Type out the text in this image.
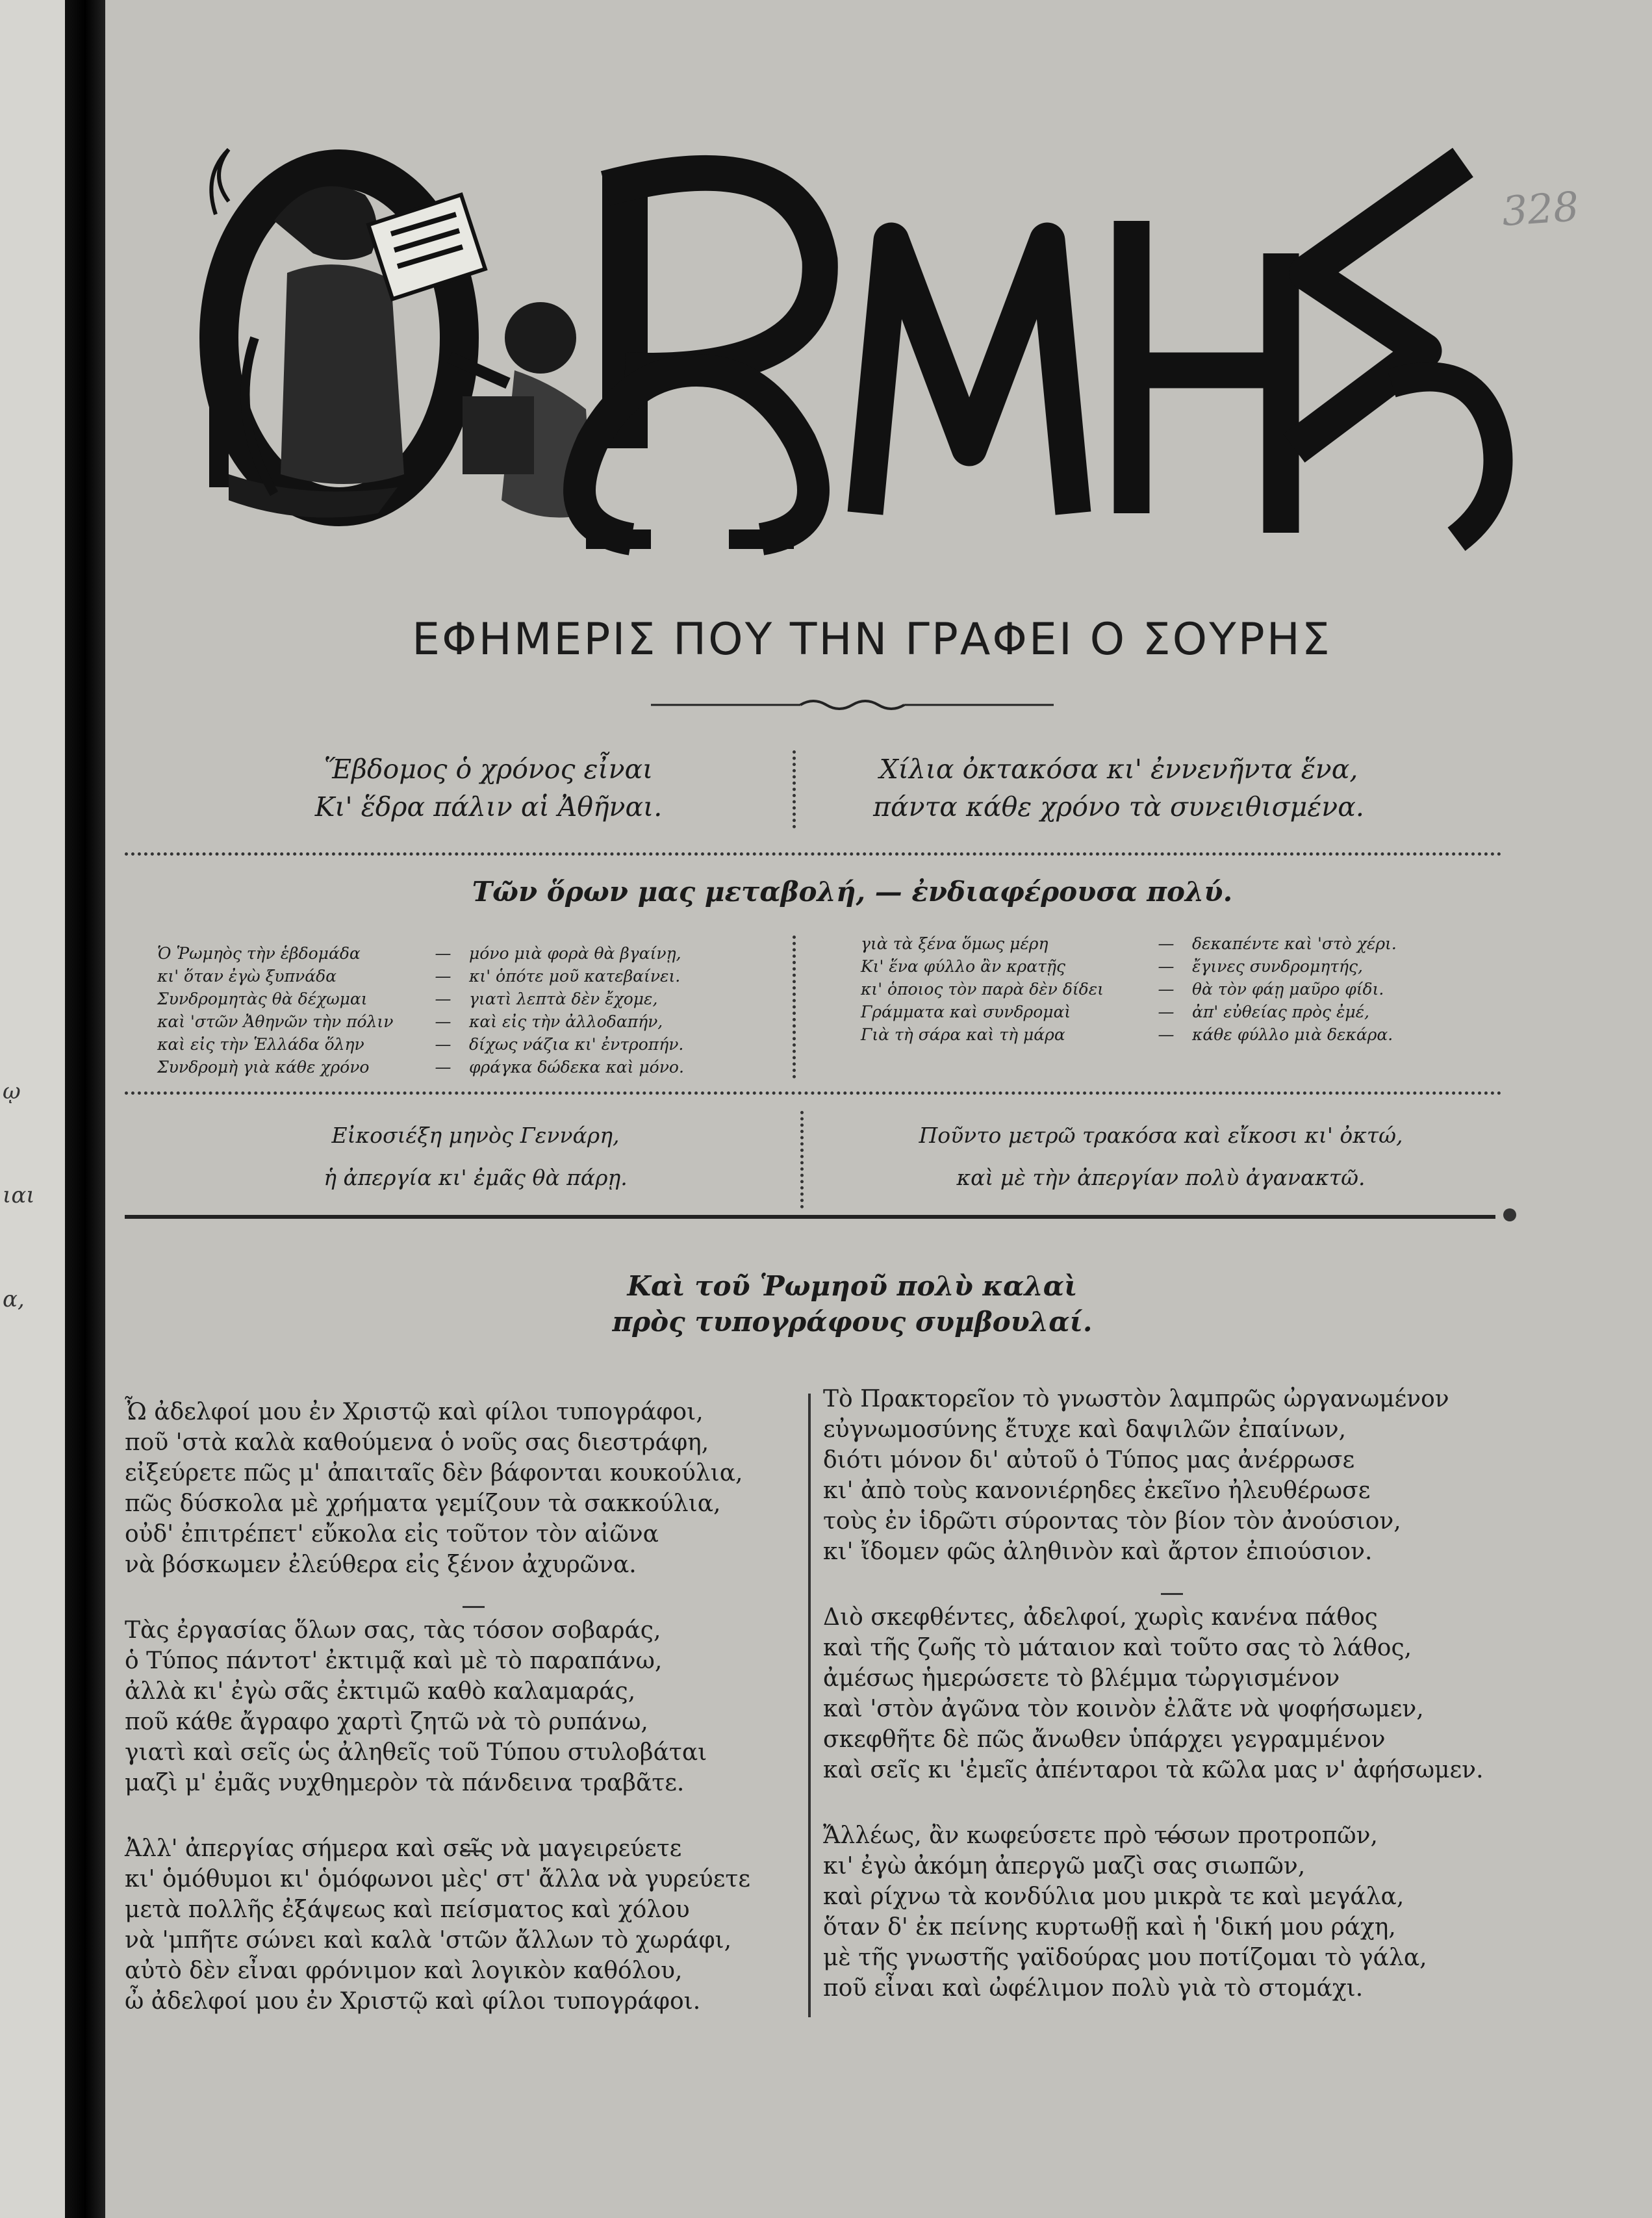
ῳ
ιαι
α,
328
ΕΦΗΜΕΡΙΣ ΠΟΥ ΤΗΝ ΓΡΑΦΕΙ Ο ΣΟΥΡΗΣ
Ἕβδομος ὁ χρόνος εἶναι
Κι' ἕδρα πάλιν αἱ Ἀθῆναι.
Χίλια ὀκτακόσα κι' ἐννενῆντα ἕνα,
πάντα κάθε χρόνο τὰ συνειθισμένα.
Τῶν ὅρων μας μεταβολή, — ἐνδιαφέρουσα πολύ.
Ὁ Ῥωμηὸς τὴν ἑβδομάδα	—	μόνο μιὰ φορὰ θὰ βγαίνῃ,
κι' ὅταν ἐγὼ ξυπνάδα	—	κι' ὁπότε μοῦ κατεβαίνει.
Συνδρομητὰς θὰ δέχωμαι	—	γιατὶ λεπτὰ δὲν ἔχομε,
καὶ 'στῶν Ἀθηνῶν τὴν πόλιν	—	καὶ εἰς τὴν ἀλλοδαπήν,
καὶ εἰς τὴν Ἑλλάδα ὅλην	—	δίχως νάζια κι' ἐντροπήν.
Συνδρομὴ γιὰ κάθε χρόνο	—	φράγκα δώδεκα καὶ μόνο.
γιὰ τὰ ξένα ὅμως μέρη	—	δεκαπέντε καὶ 'στὸ χέρι.
Κι' ἕνα φύλλο ἂν κρατῇς	—	ἔγινες συνδρομητής,
κι' ὁποιος τὸν παρὰ δὲν δίδει	—	θὰ τὸν φάῃ μαῦρο φίδι.
Γράμματα καὶ συνδρομαὶ	—	ἀπ' εὐθείας πρὸς ἐμέ,
Γιὰ τὴ σάρα καὶ τὴ μάρα	—	κάθε φύλλο μιὰ δεκάρα.
Εἰκοσιέξη μηνὸς Γεννάρη,
ἡ ἀπεργία κι' ἐμᾶς θὰ πάρῃ.
Ποῦντο μετρῶ τρακόσα καὶ εἴκοσι κι' ὀκτώ,
καὶ μὲ τὴν ἀπεργίαν πολὺ ἀγανακτῶ.
Καὶ τοῦ Ῥωμηοῦ πολὺ καλαὶ
πρὸς τυπογράφους συμβουλαί.
Ὦ ἀδελφοί μου ἐν Χριστῷ καὶ φίλοι τυπογράφοι,
ποῦ 'στὰ καλὰ καθούμενα ὁ νοῦς σας διεστράφη,
εἰξεύρετε πῶς μ' ἀπαιταῖς δὲν βάφονται κουκούλια,
πῶς δύσκολα μὲ χρήματα γεμίζουν τὰ σακκούλια,
οὐδ' ἐπιτρέπετ' εὔκολα εἰς τοῦτον τὸν αἰῶνα
νὰ βόσκωμεν ἐλεύθερα εἰς ξένον ἀχυρῶνα.
Τὰς ἐργασίας ὅλων σας, τὰς τόσον σοβαράς,
ὁ Τύπος πάντοτ' ἐκτιμᾷ καὶ μὲ τὸ παραπάνω,
ἀλλὰ κι' ἐγὼ σᾶς ἐκτιμῶ καθὸ καλαμαράς,
ποῦ κάθε ἄγραφο χαρτὶ ζητῶ νὰ τὸ ρυπάνω,
γιατὶ καὶ σεῖς ὡς ἀληθεῖς τοῦ Τύπου στυλοβάται
μαζὶ μ' ἐμᾶς νυχθημερὸν τὰ πάνδεινα τραβᾶτε.
Ἀλλ' ἀπεργίας σήμερα καὶ σεῖς νὰ μαγειρεύετε
κι' ὁμόθυμοι κι' ὁμόφωνοι μὲς' στ' ἄλλα νὰ γυρεύετε
μετὰ πολλῆς ἐξάψεως καὶ πείσματος καὶ χόλου
νὰ 'μπῆτε σώνει καὶ καλὰ 'στῶν ἄλλων τὸ χωράφι,
αὐτὸ δὲν εἶναι φρόνιμον καὶ λογικὸν καθόλου,
ὦ ἀδελφοί μου ἐν Χριστῷ καὶ φίλοι τυπογράφοι.
Τὸ Πρακτορεῖον τὸ γνωστὸν λαμπρῶς ὠργανωμένον
εὐγνωμοσύνης ἔτυχε καὶ δαψιλῶν ἐπαίνων,
διότι μόνον δι' αὐτοῦ ὁ Τύπος μας ἀνέρρωσε
κι' ἀπὸ τοὺς κανονιέρηδες ἐκεῖνο ἠλευθέρωσε
τοὺς ἐν ἱδρῶτι σύροντας τὸν βίον τὸν ἀνούσιον,
κι' ἴδομεν φῶς ἀληθινὸν καὶ ἄρτον ἐπιούσιον.
Διὸ σκεφθέντες, ἀδελφοί, χωρὶς κανένα πάθος
καὶ τῆς ζωῆς τὸ μάταιον καὶ τοῦτο σας τὸ λάθος,
ἀμέσως ἡμερώσετε τὸ βλέμμα τὠργισμένον
καὶ 'στὸν ἀγῶνα τὸν κοινὸν ἐλᾶτε νὰ ψοφήσωμεν,
σκεφθῆτε δὲ πῶς ἄνωθεν ὑπάρχει γεγραμμένον
καὶ σεῖς κι 'ἐμεῖς ἀπένταροι τὰ κῶλα μας ν' ἀφήσωμεν.
Ἄλλέως, ἂν κωφεύσετε πρὸ τόσων προτροπῶν,
κι' ἐγὼ ἀκόμη ἀπεργῶ μαζὶ σας σιωπῶν,
καὶ ρίχνω τὰ κονδύλια μου μικρὰ τε καὶ μεγάλα,
ὅταν δ' ἐκ πείνης κυρτωθῇ καὶ ἡ 'δική μου ράχη,
μὲ τῆς γνωστῆς γαϊδούρας μου ποτίζομαι τὸ γάλα,
ποῦ εἶναι καὶ ὠφέλιμον πολὺ γιὰ τὸ στομάχι.
